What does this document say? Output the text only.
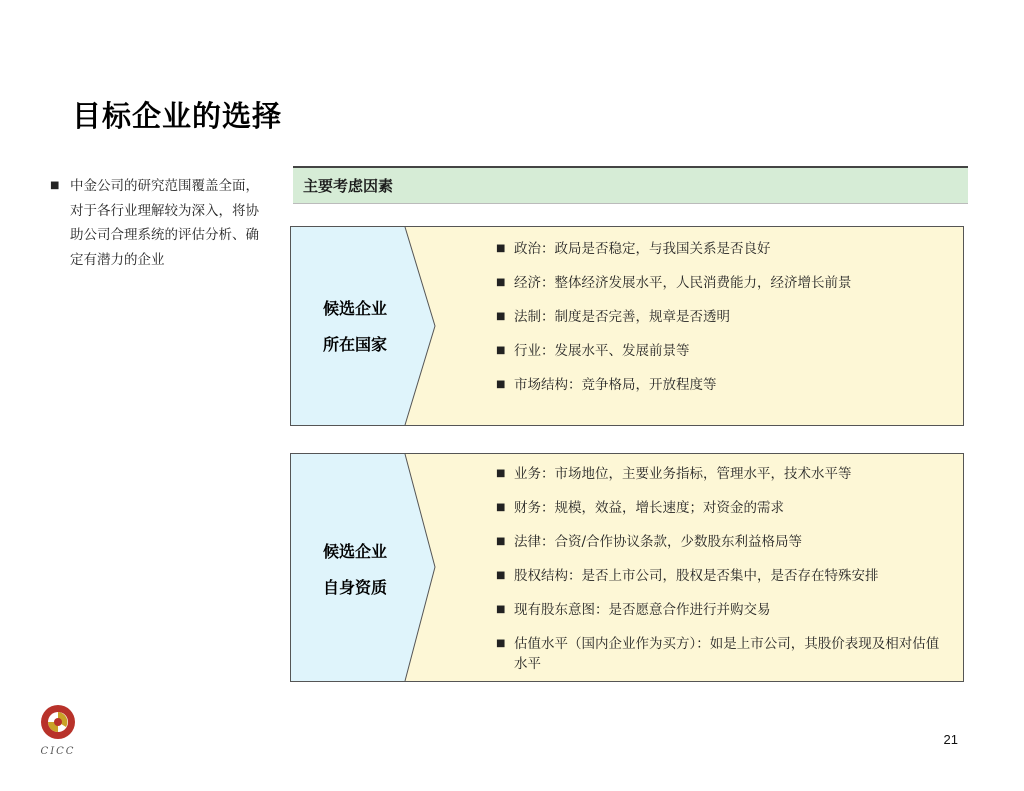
目标企业的选择
■ 中金公司的研究范围覆盖全面，对于各行业理解较为深入，将协助公司合理系统的评估分析、确定有潜力的企业
主要考虑因素
候选企业
所在国家
■ 政治：政局是否稳定，与我国关系是否良好
■ 经济：整体经济发展水平，人民消费能力，经济增长前景
■ 法制：制度是否完善，规章是否透明
■ 行业：发展水平、发展前景等
■ 市场结构：竞争格局，开放程度等
候选企业
自身资质
■ 业务：市场地位，主要业务指标，管理水平，技术水平等
■ 财务：规模，效益，增长速度；对资金的需求
■ 法律：合资/合作协议条款，少数股东利益格局等
■ 股权结构：是否上市公司，股权是否集中，是否存在特殊安排
■ 现有股东意图：是否愿意合作进行并购交易
■ 估值水平（国内企业作为买方）：如是上市公司，其股价表现及相对估值水平
CICC
21
